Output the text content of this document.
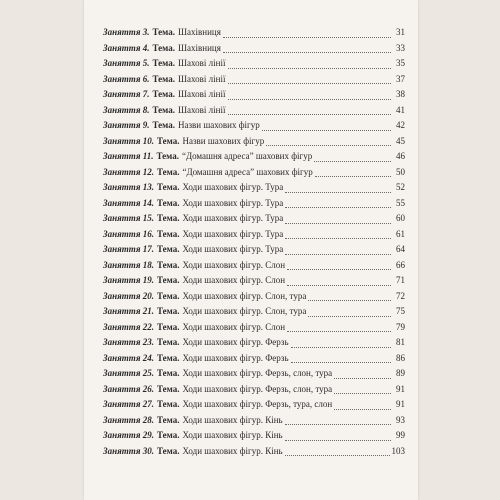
Заняття 3. Тема. Шахівниця	31
Заняття 4. Тема. Шахівниця	33
Заняття 5. Тема. Шахові лінії	35
Заняття 6. Тема. Шахові лінії	37
Заняття 7. Тема. Шахові лінії	38
Заняття 8. Тема. Шахові лінії	41
Заняття 9. Тема. Назви шахових фігур	42
Заняття 10. Тема. Назви шахових фігур	45
Заняття 11. Тема. “Домашня адреса” шахових фігур	46
Заняття 12. Тема. “Домашня адреса” шахових фігур	50
Заняття 13. Тема. Ходи шахових фігур. Тура	52
Заняття 14. Тема. Ходи шахових фігур. Тура	55
Заняття 15. Тема. Ходи шахових фігур. Тура	60
Заняття 16. Тема. Ходи шахових фігур. Тура	61
Заняття 17. Тема. Ходи шахових фігур. Тура	64
Заняття 18. Тема. Ходи шахових фігур. Слон	66
Заняття 19. Тема. Ходи шахових фігур. Слон	71
Заняття 20. Тема. Ходи шахових фігур. Слон, тура	72
Заняття 21. Тема. Ходи шахових фігур. Слон, тура	75
Заняття 22. Тема. Ходи шахових фігур. Слон	79
Заняття 23. Тема. Ходи шахових фігур. Ферзь	81
Заняття 24. Тема. Ходи шахових фігур. Ферзь	86
Заняття 25. Тема. Ходи шахових фігур. Ферзь, слон, тура	89
Заняття 26. Тема. Ходи шахових фігур. Ферзь, слон, тура	91
Заняття 27. Тема. Ходи шахових фігур. Ферзь, тура, слон	91
Заняття 28. Тема. Ходи шахових фігур. Кінь	93
Заняття 29. Тема. Ходи шахових фігур. Кінь	99
Заняття 30. Тема. Ходи шахових фігур. Кінь	103
